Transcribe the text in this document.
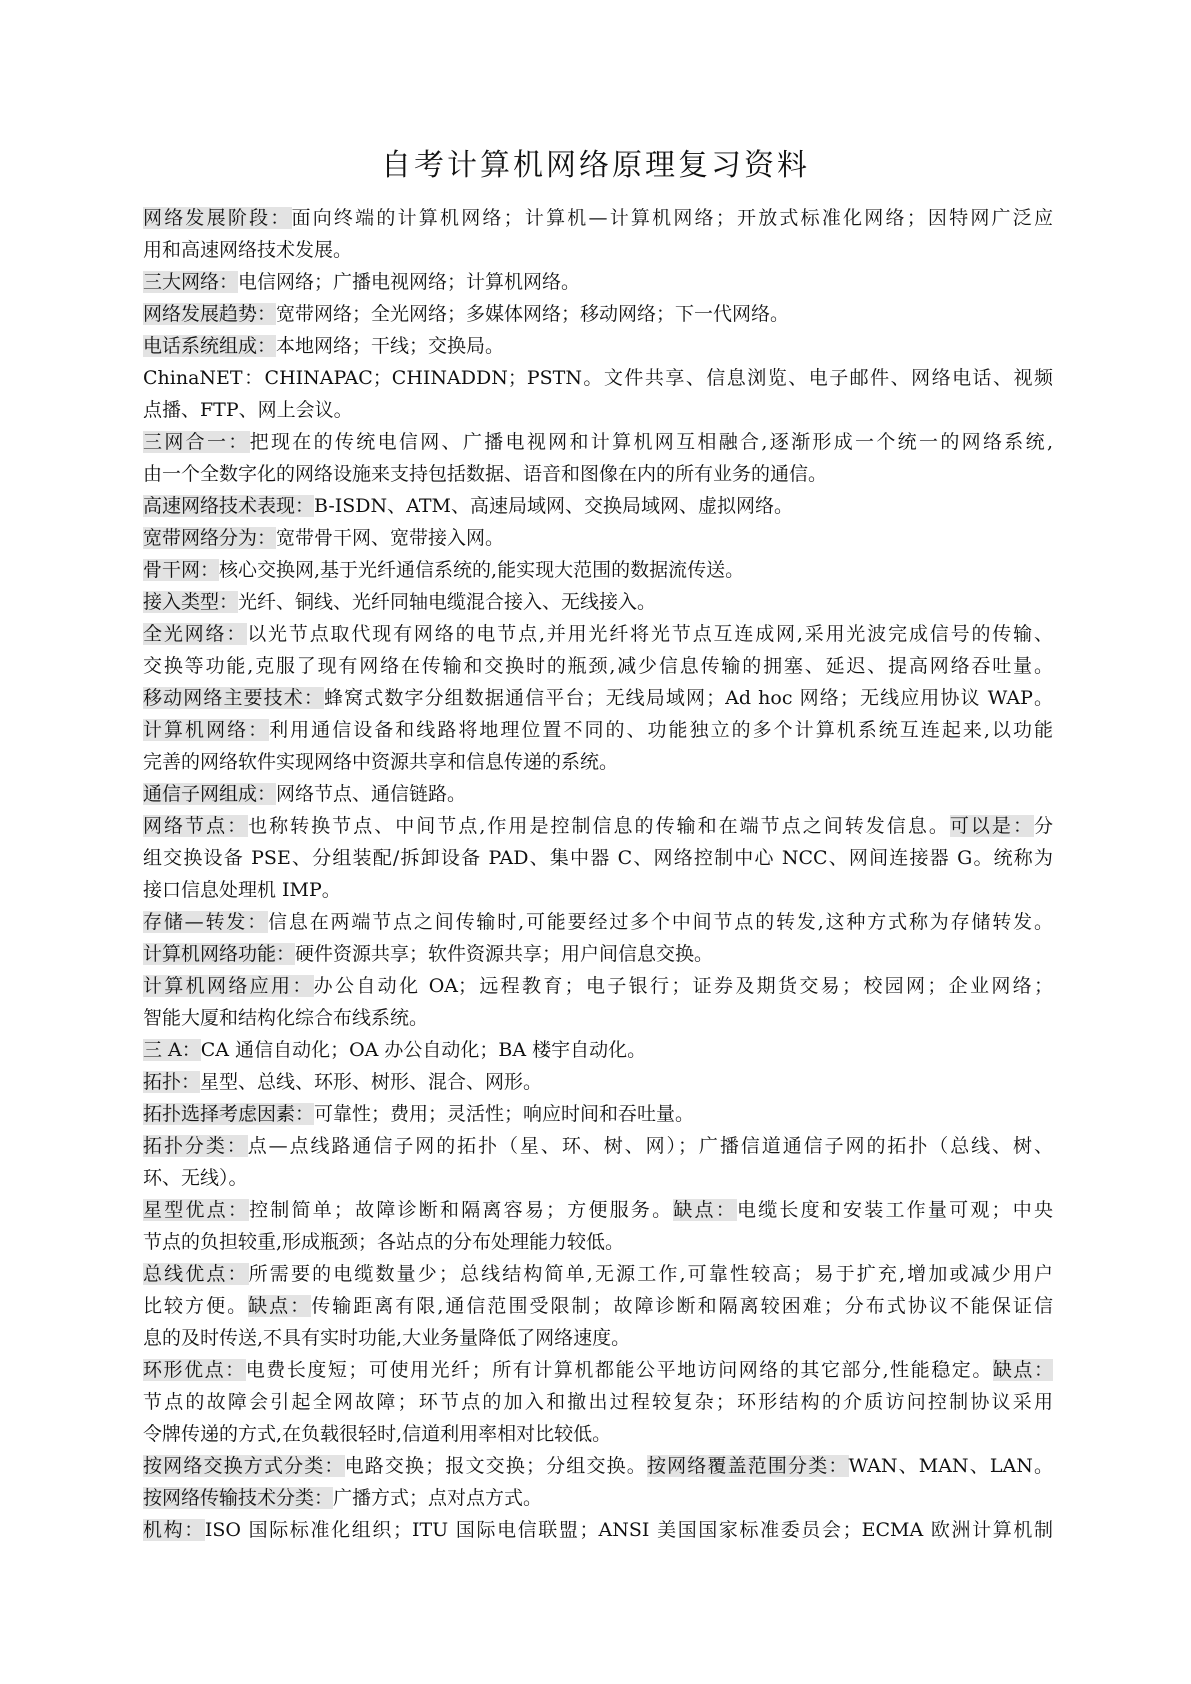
自考计算机网络原理复习资料
网络发展阶段：面向终端的计算机网络；计算机—计算机网络；开放式标准化网络；因特网广泛应
用和高速网络技术发展。
三大网络：电信网络；广播电视网络；计算机网络。
网络发展趋势：宽带网络；全光网络；多媒体网络；移动网络；下一代网络。
电话系统组成：本地网络；干线；交换局。
ChinaNET：CHINAPAC；CHINADDN；PSTN。文件共享、信息浏览、电子邮件、网络电话、视频
点播、FTP、网上会议。
三网合一：把现在的传统电信网、广播电视网和计算机网互相融合,逐渐形成一个统一的网络系统,
由一个全数字化的网络设施来支持包括数据、语音和图像在内的所有业务的通信。
高速网络技术表现：B-ISDN、ATM、高速局域网、交换局域网、虚拟网络。
宽带网络分为：宽带骨干网、宽带接入网。
骨干网：核心交换网,基于光纤通信系统的,能实现大范围的数据流传送。
接入类型：光纤、铜线、光纤同轴电缆混合接入、无线接入。
全光网络：以光节点取代现有网络的电节点,并用光纤将光节点互连成网,采用光波完成信号的传输、
交换等功能,克服了现有网络在传输和交换时的瓶颈,减少信息传输的拥塞、延迟、提高网络吞吐量。
移动网络主要技术：蜂窝式数字分组数据通信平台；无线局域网；Ad hoc 网络；无线应用协议 WAP。
计算机网络：利用通信设备和线路将地理位置不同的、功能独立的多个计算机系统互连起来,以功能
完善的网络软件实现网络中资源共享和信息传递的系统。
通信子网组成：网络节点、通信链路。
网络节点：也称转换节点、中间节点,作用是控制信息的传输和在端节点之间转发信息。可以是：分
组交换设备 PSE、分组装配/拆卸设备 PAD、集中器 C、网络控制中心 NCC、网间连接器 G。统称为
接口信息处理机 IMP。
存储—转发：信息在两端节点之间传输时,可能要经过多个中间节点的转发,这种方式称为存储转发。
计算机网络功能：硬件资源共享；软件资源共享；用户间信息交换。
计算机网络应用：办公自动化 OA；远程教育；电子银行；证券及期货交易；校园网；企业网络；
智能大厦和结构化综合布线系统。
三 A：CA 通信自动化；OA 办公自动化；BA 楼宇自动化。
拓扑：星型、总线、环形、树形、混合、网形。
拓扑选择考虑因素：可靠性；费用；灵活性；响应时间和吞吐量。
拓扑分类：点—点线路通信子网的拓扑（星、环、树、网）；广播信道通信子网的拓扑（总线、树、
环、无线）。
星型优点：控制简单；故障诊断和隔离容易；方便服务。缺点：电缆长度和安装工作量可观；中央
节点的负担较重,形成瓶颈；各站点的分布处理能力较低。
总线优点：所需要的电缆数量少；总线结构简单,无源工作,可靠性较高；易于扩充,增加或减少用户
比较方便。缺点：传输距离有限,通信范围受限制；故障诊断和隔离较困难；分布式协议不能保证信
息的及时传送,不具有实时功能,大业务量降低了网络速度。
环形优点：电费长度短；可使用光纤；所有计算机都能公平地访问网络的其它部分,性能稳定。缺点：
节点的故障会引起全网故障；环节点的加入和撤出过程较复杂；环形结构的介质访问控制协议采用
令牌传递的方式,在负载很轻时,信道利用率相对比较低。
按网络交换方式分类：电路交换；报文交换；分组交换。按网络覆盖范围分类：WAN、MAN、LAN。
按网络传输技术分类：广播方式；点对点方式。
机构：ISO 国际标准化组织；ITU 国际电信联盟；ANSI 美国国家标准委员会；ECMA 欧洲计算机制
